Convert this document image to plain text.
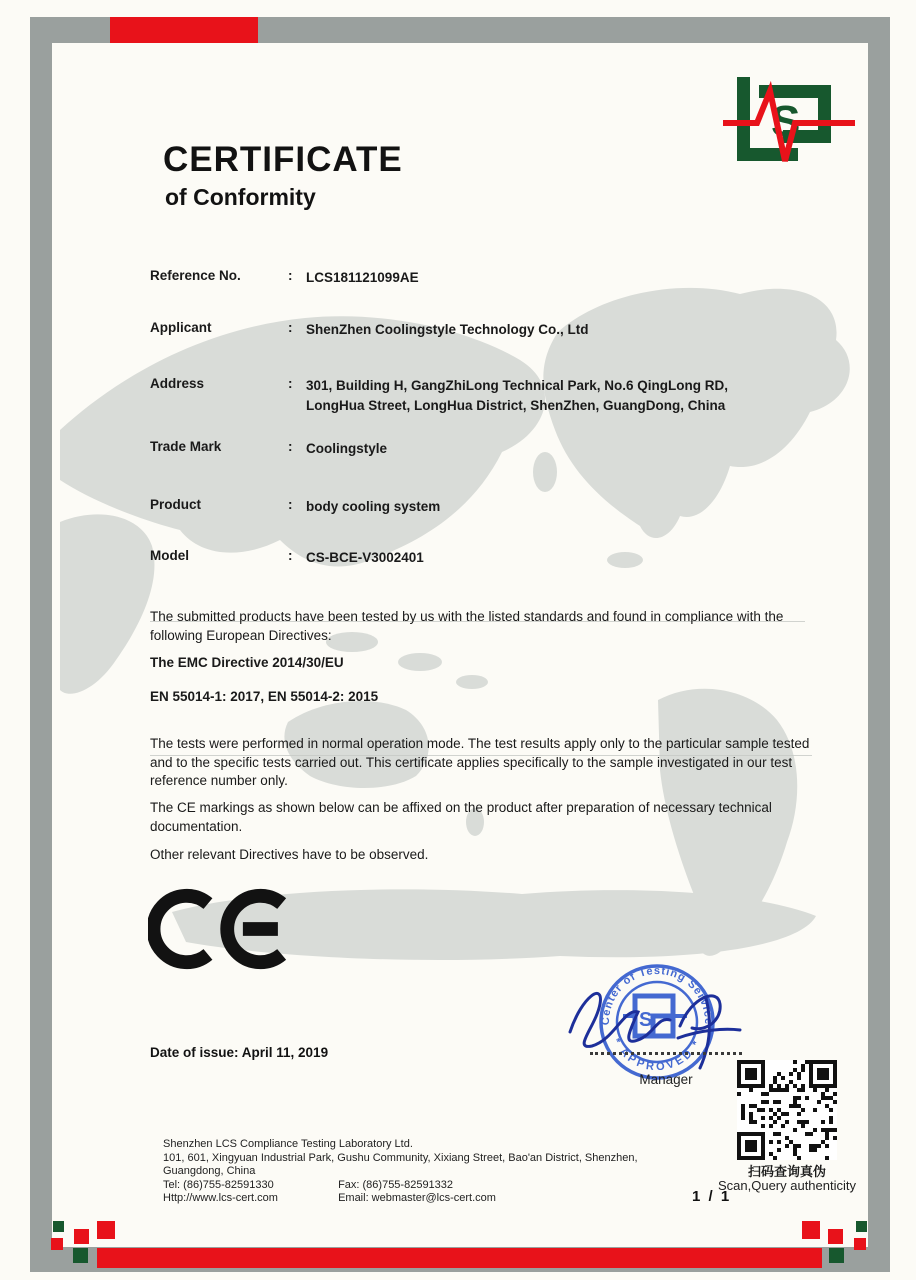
S
CERTIFICATE
of Conformity
Reference No.	:	LCS181121099AE
Applicant	:	ShenZhen Coolingstyle Technology Co., Ltd
Address	:	301, Building H, GangZhiLong Technical Park, No.6 QingLong RD, LongHua Street, LongHua District, ShenZhen, GuangDong, China
Trade Mark	:	Coolingstyle
Product	:	body cooling system
Model	:	CS-BCE-V3002401
The submitted products have been tested by us with the listed standards and found in compliance with the following European Directives:
The EMC Directive 2014/30/EU
EN 55014-1: 2017, EN 55014-2: 2015
The tests were performed in normal operation mode. The test results apply only to the particular sample tested and to the specific tests carried out. This certificate applies specifically to the sample investigated in our test reference number only.
The CE markings as shown below can be affixed on the product after preparation of necessary technical documentation.
Other relevant Directives have to be observed.
Date of issue: April 11, 2019
Center of Testing Service
* APPROVED *
S
Manager
扫码查询真伪
Scan,Query authenticity
1 / 1
Shenzhen LCS Compliance Testing Laboratory Ltd.
101, 601, Xingyuan Industrial Park, Gushu Community, Xixiang Street, Bao'an District, Shenzhen,
Guangdong, China
Tel: (86)755-82591330	Fax: (86)755-82591332
Http://www.lcs-cert.com	Email: webmaster@lcs-cert.com
